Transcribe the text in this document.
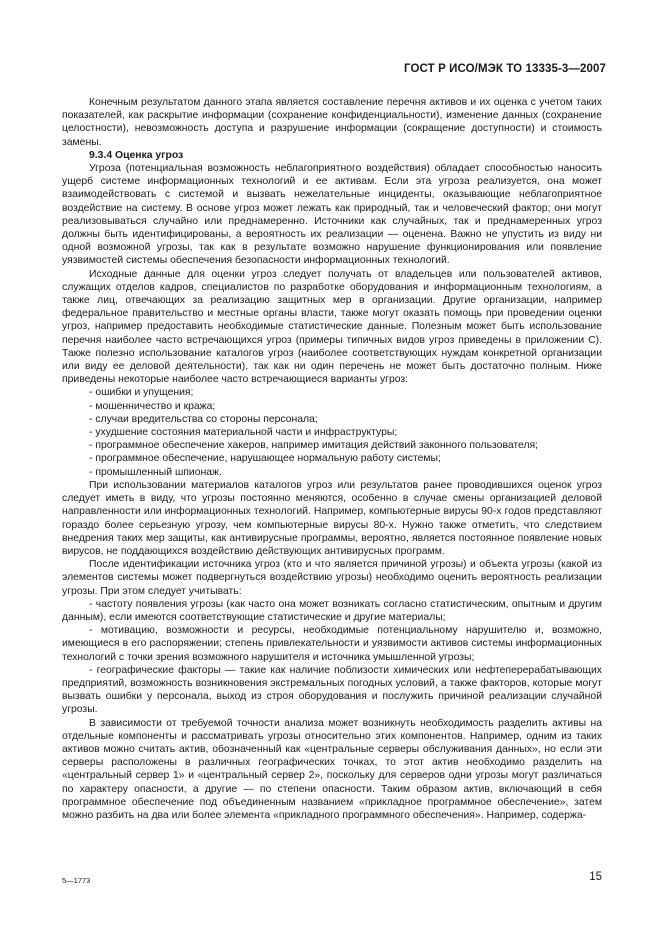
ГОСТ Р ИСО/МЭК ТО 13335-3—2007

Конечным результатом данного этапа является составление перечня активов и их оценка с учетом таких показателей, как раскрытие информации (сохранение конфиденциальности), изменение данных (сохранение целостности), невозможность доступа и разрушение информации (сокращение доступности) и стоимость замены.

9.3.4 Оценка угроз

Угроза (потенциальная возможность неблагоприятного воздействия) обладает способностью наносить ущерб системе информационных технологий и ее активам. Если эта угроза реализуется, она может взаимодействовать с системой и вызвать нежелательные инциденты, оказывающие неблагоприятное воздействие на систему. В основе угроз может лежать как природный, так и человеческий фактор; они могут реализовываться случайно или преднамеренно. Источники как случайных, так и преднамеренных угроз должны быть идентифицированы, а вероятность их реализации — оценена. Важно не упустить из виду ни одной возможной угрозы, так как в результате возможно нарушение функционирования или появление уязвимостей системы обеспечения безопасности информационных технологий.

Исходные данные для оценки угроз следует получать от владельцев или пользователей активов, служащих отделов кадров, специалистов по разработке оборудования и информационным технологиям, а также лиц, отвечающих за реализацию защитных мер в организации. Другие организации, например федеральное правительство и местные органы власти, также могут оказать помощь при проведении оценки угроз, например предоставить необходимые статистические данные. Полезным может быть использование перечня наиболее часто встречающихся угроз (примеры типичных видов угроз приведены в приложении С). Также полезно использование каталогов угроз (наиболее соответствующих нуждам конкретной организации или виду ее деловой деятельности), так как ни один перечень не может быть достаточно полным. Ниже приведены некоторые наиболее часто встречающиеся варианты угроз:

- ошибки и упущения;
- мошенничество и кража;
- случаи вредительства со стороны персонала;
- ухудшение состояния материальной части и инфраструктуры;
- программное обеспечение хакеров, например имитация действий законного пользователя;
- программное обеспечение, нарушающее нормальную работу системы;
- промышленный шпионаж.

При использовании материалов каталогов угроз или результатов ранее проводившихся оценок угроз следует иметь в виду, что угрозы постоянно меняются, особенно в случае смены организацией деловой направленности или информационных технологий. Например, компьютерные вирусы 90-х годов представляют гораздо более серьезную угрозу, чем компьютерные вирусы 80-х. Нужно также отметить, что следствием внедрения таких мер защиты, как антивирусные программы, вероятно, является постоянное появление новых вирусов, не поддающихся воздействию действующих антивирусных программ.

После идентификации источника угроз (кто и что является причиной угрозы) и объекта угрозы (какой из элементов системы может подвергнуться воздействию угрозы) необходимо оценить вероятность реализации угрозы. При этом следует учитывать:

- частоту появления угрозы (как часто она может возникать согласно статистическим, опытным и другим данным), если имеются соответствующие статистические и другие материалы;

- мотивацию, возможности и ресурсы, необходимые потенциальному нарушителю и, возможно, имеющиеся в его распоряжении; степень привлекательности и уязвимости активов системы информационных технологий с точки зрения возможного нарушителя и источника умышленной угрозы;

- географические факторы — такие как наличие поблизости химических или нефтеперерабатывающих предприятий, возможность возникновения экстремальных погодных условий, а также факторов, которые могут вызвать ошибки у персонала, выход из строя оборудования и послужить причиной реализации случайной угрозы.

В зависимости от требуемой точности анализа может возникнуть необходимость разделить активы на отдельные компоненты и рассматривать угрозы относительно этих компонентов. Например, одним из таких активов можно считать актив, обозначенный как «центральные серверы обслуживания данных», но если эти серверы расположены в различных географических точках, то этот актив необходимо разделить на «центральный сервер 1» и «центральный сервер 2», поскольку для серверов одни угрозы могут различаться по характеру опасности, а другие — по степени опасности. Таким образом актив, включающий в себя программное обеспечение под объединенным названием «прикладное программное обеспечение», затем можно разбить на два или более элемента «прикладного программного обеспечения». Например, содержа-

5—1773	15
